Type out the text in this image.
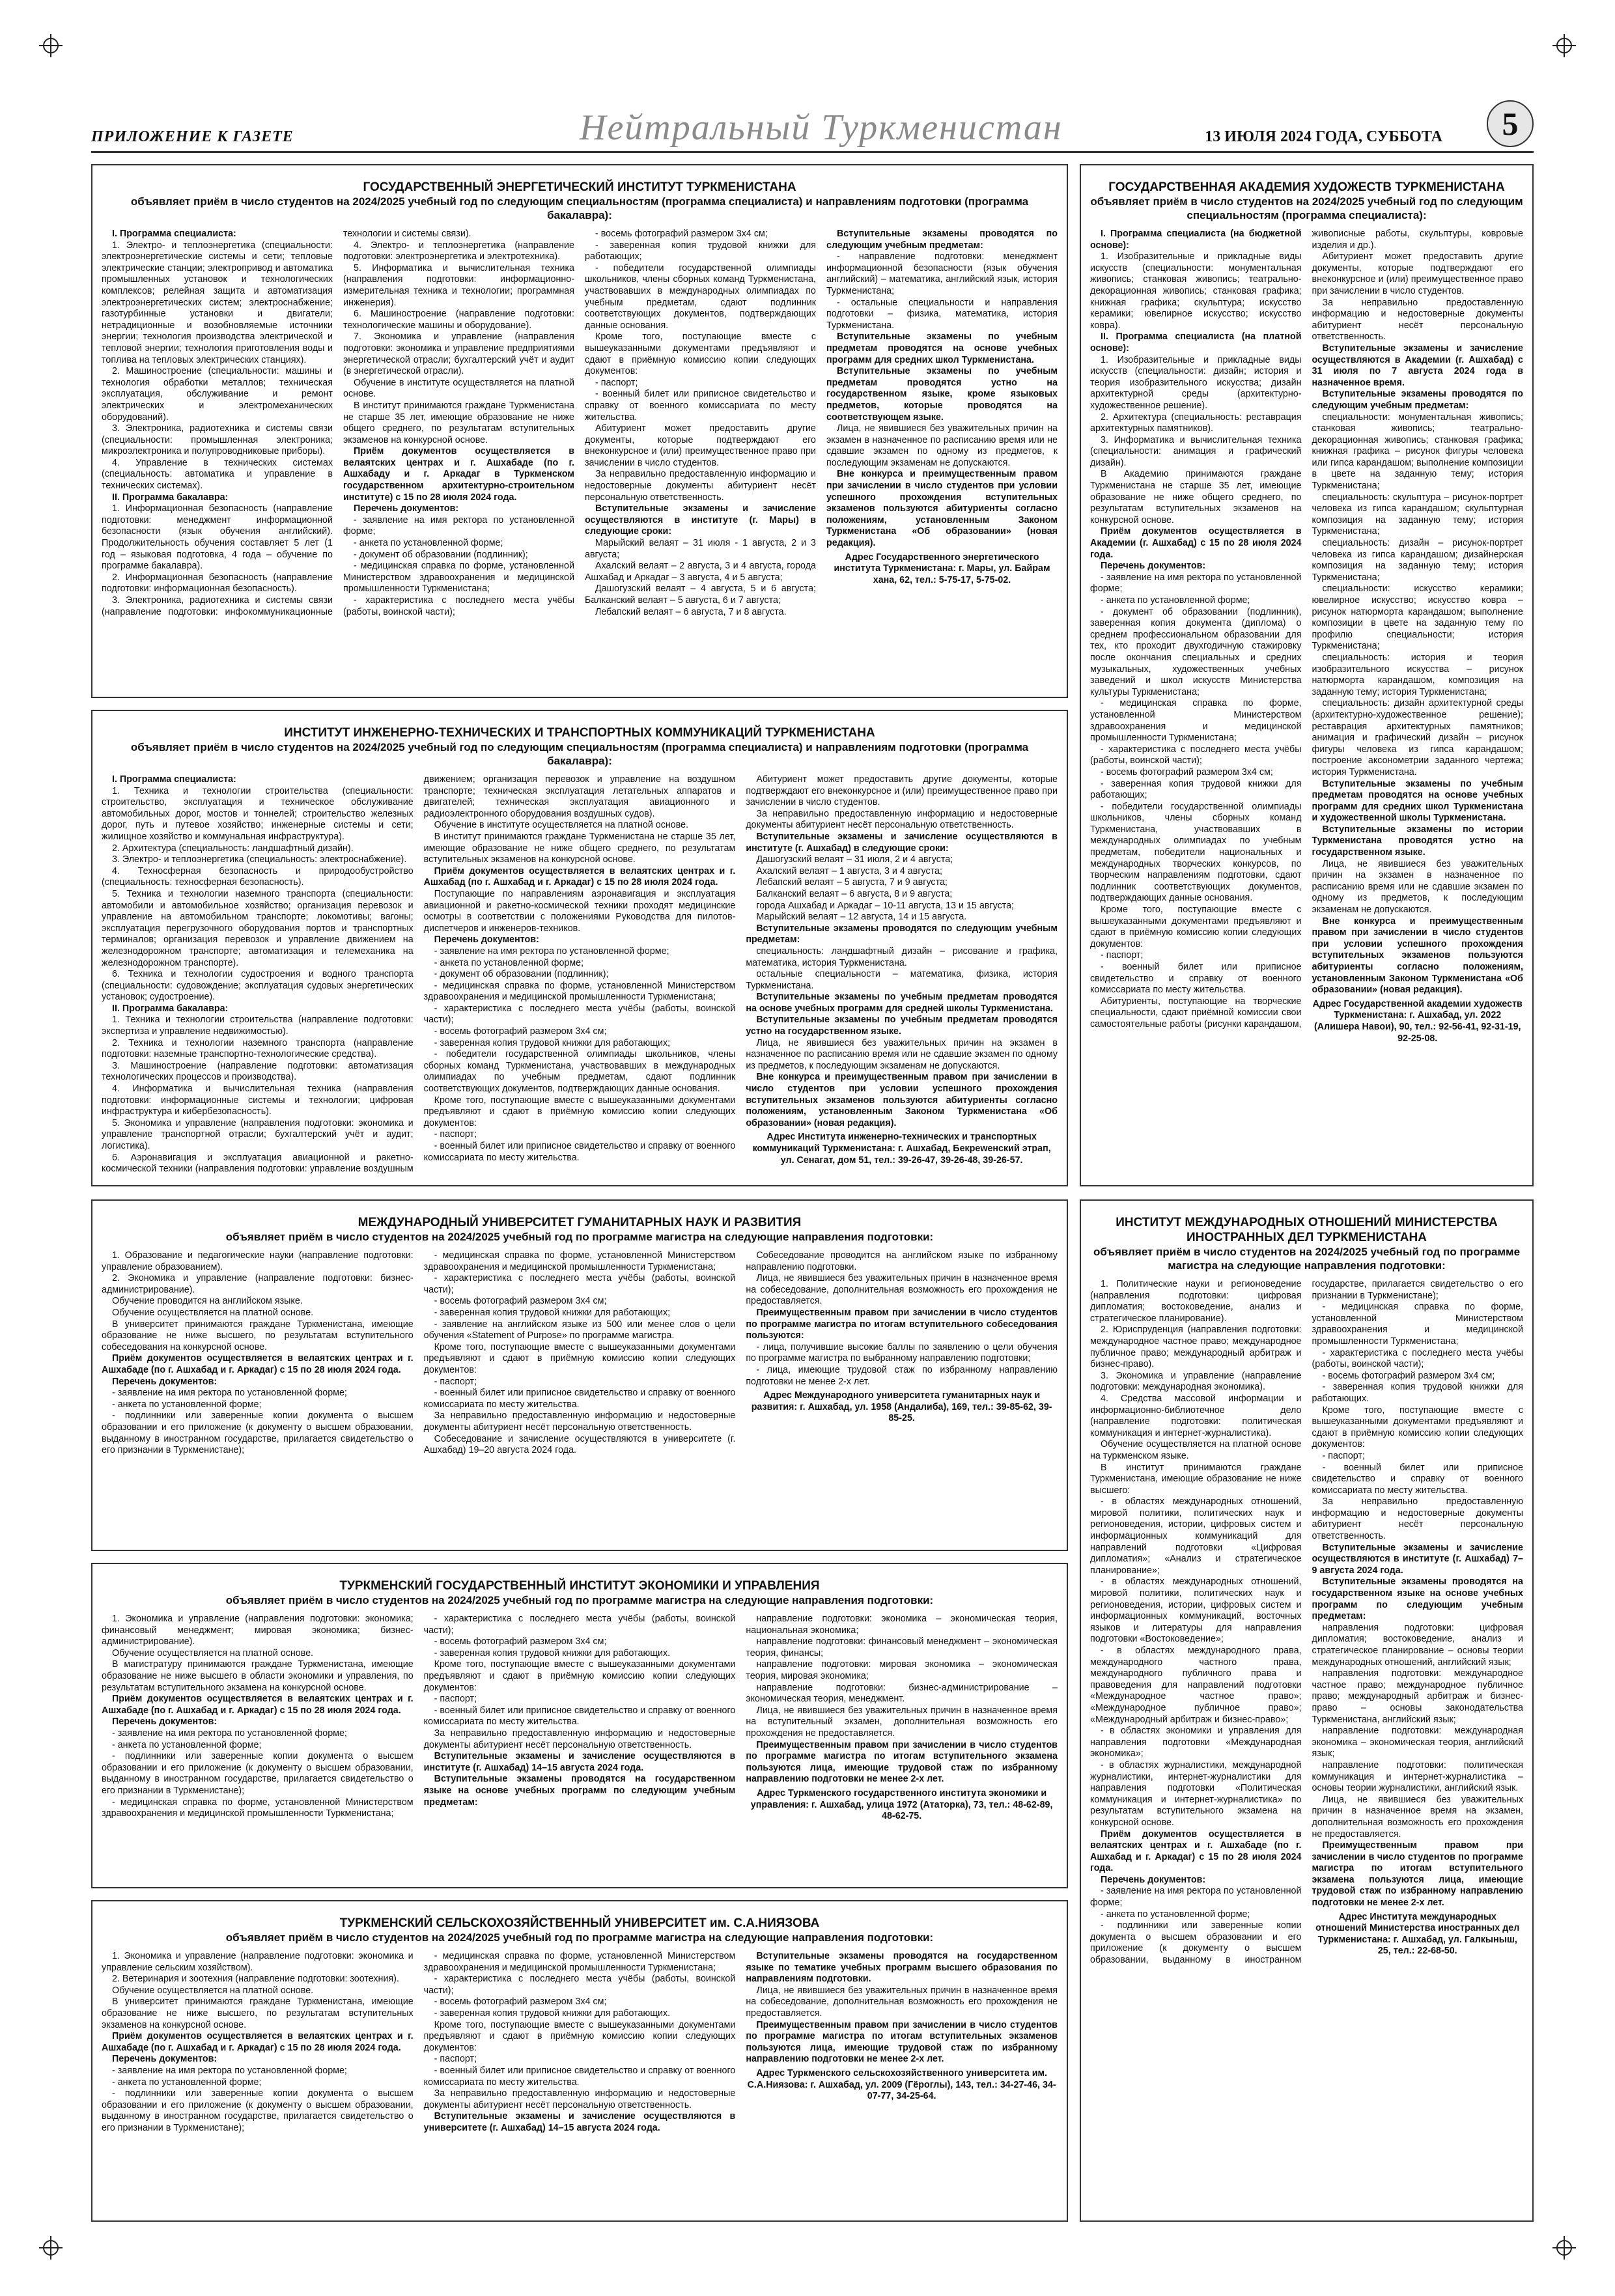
ПРИЛОЖЕНИЕ К ГАЗЕТЕ	Нейтральный Туркменистан	13 ИЮЛЯ 2024 ГОДА, СУББОТА	5
ГОСУДАРСТВЕННЫЙ ЭНЕРГЕТИЧЕСКИЙ ИНСТИТУТ ТУРКМЕНИСТАНА
объявляет приём в число студентов на 2024/2025 учебный год по следующим специальностям (программа специалиста) и направлениям подготовки (программа бакалавра):

I. Программа специалиста:

1. Электро- и теплоэнергетика (специальности: электроэнергетические системы и сети; тепловые электрические станции; электропривод и автоматика промышленных установок и технологических комплексов; релейная защита и автоматизация электроэнергетических систем; электроснабжение; газотурбинные установки и двигатели; нетрадиционные и возобновляемые источники энергии; технология производства электрической и тепловой энергии; технология приготовления воды и топлива на тепловых электрических станциях).

2. Машиностроение (специальности: машины и технология обработки металлов; техническая эксплуатация, обслуживание и ремонт электрических и электромеханических оборудований).

3. Электроника, радиотехника и системы связи (специальности: промышленная электроника; микроэлектроника и полупроводниковые приборы).

4. Управление в технических системах (специальность: автоматика и управление в технических системах).

II. Программа бакалавра:

1. Информационная безопасность (направление подготовки: менеджмент информационной безопасности (язык обучения английский). Продолжительность обучения составляет 5 лет (1 год – языковая подготовка, 4 года – обучение по программе бакалавра).

2. Информационная безопасность (направление подготовки: информационная безопасность).

3. Электроника, радиотехника и системы связи (направление подготовки: инфокоммуникационные технологии и системы связи).

4. Электро- и теплоэнергетика (направление подготовки: электроэнергетика и электротехника).

5. Информатика и вычислительная техника (направления подготовки: информационно-измерительная техника и технологии; программная инженерия).

6. Машиностроение (направление подготовки: технологические машины и оборудование).

7. Экономика и управление (направления подготовки: экономика и управление предприятиями энергетической отрасли; бухгалтерский учёт и аудит (в энергетической отрасли).

Обучение в институте осуществляется на платной основе.

В институт принимаются граждане Туркменистана не старше 35 лет, имеющие образование не ниже общего среднего, по результатам вступительных экзаменов на конкурсной основе.

Приём документов осуществляется в велаятских центрах и г. Ашхабаде (по г. Ашхабаду и г. Аркадаг в Туркменском государственном архитектурно-строительном институте) с 15 по 28 июля 2024 года.

Перечень документов:

- заявление на имя ректора по установленной форме;

- анкета по установленной форме;

- документ об образовании (подлинник);

- медицинская справка по форме, установленной Министерством здравоохранения и медицинской промышленности Туркменистана;

- характеристика с последнего места учёбы (работы, воинской части);

- восемь фотографий размером 3х4 см;

- заверенная копия трудовой книжки для работающих;

- победители государственной олимпиады школьников, члены сборных команд Туркменистана, участвовавших в международных олимпиадах по учебным предметам, сдают подлинник соответствующих документов, подтверждающих данные основания.

Кроме того, поступающие вместе с вышеуказанными документами предъявляют и сдают в приёмную комиссию копии следующих документов:

- паспорт;

- военный билет или приписное свидетельство и справку от военного комиссариата по месту жительства.

Абитуриент может предоставить другие документы, которые подтверждают его внеконкурсное и (или) преимущественное право при зачислении в число студентов.

За неправильно предоставленную информацию и недостоверные документы абитуриент несёт персональную ответственность.

Вступительные экзамены и зачисление осуществляются в институте (г. Мары) в следующие сроки:

Марыйский велаят – 31 июля - 1 августа, 2 и 3 августа;

Ахалский велаят – 2 августа, 3 и 4 августа, города Ашхабад и Аркадаг – 3 августа, 4 и 5 августа;

Дашогузский велаят – 4 августа, 5 и 6 августа; Балканский велаят – 5 августа, 6 и 7 августа;

Лебапский велаят – 6 августа, 7 и 8 августа.

Вступительные экзамены проводятся по следующим учебным предметам:

- направление подготовки: менеджмент информационной безопасности (язык обучения английский) – математика, английский язык, история Туркменистана;

- остальные специальности и направления подготовки – физика, математика, история Туркменистана.

Вступительные экзамены по учебным предметам проводятся на основе учебных программ для средних школ Туркменистана.

Вступительные экзамены по учебным предметам проводятся устно на государственном языке, кроме языковых предметов, которые проводятся на соответствующем языке.

Лица, не явившиеся без уважительных причин на экзамен в назначенное по расписанию время или не сдавшие экзамен по одному из предметов, к последующим экзаменам не допускаются.

Вне конкурса и преимущественным правом при зачислении в число студентов при условии успешного прохождения вступительных экзаменов пользуются абитуриенты согласно положениям, установленным Законом Туркменистана «Об образовании» (новая редакция).

Адрес Государственного энергетического института Туркменистана: г. Мары, ул. Байрам хана, 62, тел.: 5-75-17, 5-75-02.
ГОСУДАРСТВЕННАЯ АКАДЕМИЯ ХУДОЖЕСТВ ТУРКМЕНИСТАНА
объявляет приём в число студентов на 2024/2025 учебный год по следующим специальностям (программа специалиста):

I. Программа специалиста (на бюджетной основе):

1. Изобразительные и прикладные виды искусств (специальности: монументальная живопись; станковая живопись; театрально-декорационная живопись; станковая графика; книжная графика; скульптура; искусство керамики; ювелирное искусство; искусство ковра).

II. Программа специалиста (на платной основе):

1. Изобразительные и прикладные виды искусств (специальности: дизайн; история и теория изобразительного искусства; дизайн архитектурной среды (архитектурно-художественное решение).

2. Архитектура (специальность: реставрация архитектурных памятников).

3. Информатика и вычислительная техника (специальности: анимация и графический дизайн).

В Академию принимаются граждане Туркменистана не старше 35 лет, имеющие образование не ниже общего среднего, по результатам вступительных экзаменов на конкурсной основе.

Приём документов осуществляется в Академии (г. Ашхабад) с 15 по 28 июля 2024 года.

Перечень документов:

- заявление на имя ректора по установленной форме;

- анкета по установленной форме;

- документ об образовании (подлинник), заверенная копия документа (диплома) о среднем профессиональном образовании для тех, кто проходит двухгодичную стажировку после окончания специальных и средних музыкальных, художественных учебных заведений и школ искусств Министерства культуры Туркменистана;

- медицинская справка по форме, установленной Министерством здравоохранения и медицинской промышленности Туркменистана;

- характеристика с последнего места учёбы (работы, воинской части);

- восемь фотографий размером 3х4 см;

- заверенная копия трудовой книжки для работающих;

- победители государственной олимпиады школьников, члены сборных команд Туркменистана, участвовавших в международных олимпиадах по учебным предметам, победители национальных и международных творческих конкурсов, по творческим направлениям подготовки, сдают подлинник соответствующих документов, подтверждающих данные основания.

Кроме того, поступающие вместе с вышеуказанными документами предъявляют и сдают в приёмную комиссию копии следующих документов:

- паспорт;

- военный билет или приписное свидетельство и справку от военного комиссариата по месту жительства.

Абитуриенты, поступающие на творческие специальности, сдают приёмной комиссии свои самостоятельные работы (рисунки карандашом, живописные работы, скульптуры, ковровые изделия и др.).

Абитуриент может предоставить другие документы, которые подтверждают его внеконкурсное и (или) преимущественное право при зачислении в число студентов.

За неправильно предоставленную информацию и недостоверные документы абитуриент несёт персональную ответственность.

Вступительные экзамены и зачисление осуществляются в Академии (г. Ашхабад) с 31 июля по 7 августа 2024 года в назначенное время.

Вступительные экзамены проводятся по следующим учебным предметам:

специальности: монументальная живопись; станковая живопись; театрально-декорационная живопись; станковая графика; книжная графика – рисунок фигуры человека или гипса карандашом; выполнение композиции в цвете на заданную тему; история Туркменистана;

специальность: скульптура – рисунок-портрет человека из гипса карандашом; скульптурная композиция на заданную тему; история Туркменистана;

специальность: дизайн – рисунок-портрет человека из гипса карандашом; дизайнерская композиция на заданную тему; история Туркменистана;

специальности: искусство керамики; ювелирное искусство; искусство ковра – рисунок натюрморта карандашом; выполнение композиции в цвете на заданную тему по профилю специальности; история Туркменистана;

специальность: история и теория изобразительного искусства – рисунок натюрморта карандашом, композиция на заданную тему; история Туркменистана;

специальность: дизайн архитектурной среды (архитектурно-художественное решение); реставрация архитектурных памятников; анимация и графический дизайн – рисунок фигуры человека из гипса карандашом; построение аксонометрии заданного чертежа; история Туркменистана.

Вступительные экзамены по учебным предметам проводятся на основе учебных программ для средних школ Туркменистана и художественной школы Туркменистана.

Вступительные экзамены по истории Туркменистана проводятся устно на государственном языке.

Лица, не явившиеся без уважительных причин на экзамен в назначенное по расписанию время или не сдавшие экзамен по одному из предметов, к последующим экзаменам не допускаются.

Вне конкурса и преимущественным правом при зачислении в число студентов при условии успешного прохождения вступительных экзаменов пользуются абитуриенты согласно положениям, установленным Законом Туркменистана «Об образовании» (новая редакция).

Адрес Государственной академии художеств Туркменистана: г. Ашхабад, ул. 2022 (Алишера Навои), 90, тел.: 92-56-41, 92-31-19, 92-25-08.
ИНСТИТУТ ИНЖЕНЕРНО-ТЕХНИЧЕСКИХ И ТРАНСПОРТНЫХ КОММУНИКАЦИЙ ТУРКМЕНИСТАНА
объявляет приём в число студентов на 2024/2025 учебный год по следующим специальностям (программа специалиста) и направлениям подготовки (программа бакалавра):

I. Программа специалиста:

1. Техника и технологии строительства (специальности: строительство, эксплуатация и техническое обслуживание автомобильных дорог, мостов и тоннелей; строительство железных дорог, путь и путевое хозяйство; инженерные системы и сети; жилищное хозяйство и коммунальная инфраструктура).

2. Архитектура (специальность: ландшафтный дизайн).

3. Электро- и теплоэнергетика (специальность: электроснабжение).

4. Техносферная безопасность и природообустройство (специальность: техносферная безопасность).

5. Техника и технологии наземного транспорта (специальности: автомобили и автомобильное хозяйство; организация перевозок и управление на автомобильном транспорте; локомотивы; вагоны; эксплуатация перегрузочного оборудования портов и транспортных терминалов; организация перевозок и управление движением на железнодорожном транспорте; автоматизация и телемеханика на железнодорожном транспорте).

6. Техника и технологии судостроения и водного транспорта (специальности: судовождение; эксплуатация судовых энергетических установок; судостроение).

II. Программа бакалавра:

1. Техника и технологии строительства (направление подготовки: экспертиза и управление недвижимостью).

2. Техника и технологии наземного транспорта (направление подготовки: наземные транспортно-технологические средства).

3. Машиностроение (направление подготовки: автоматизация технологических процессов и производства).

4. Информатика и вычислительная техника (направления подготовки: информационные системы и технологии; цифровая инфраструктура и кибербезопасность).

5. Экономика и управление (направления подготовки: экономика и управление транспортной отрасли; бухгалтерский учёт и аудит; логистика).

6. Аэронавигация и эксплуатация авиационной и ракетно-космической техники (направления подготовки: управление воздушным движением; организация перевозок и управление на воздушном транспорте; техническая эксплуатация летательных аппаратов и двигателей; техническая эксплуатация авиационного и радиоэлектронного оборудования воздушных судов).

Обучение в институте осуществляется на платной основе.

В институт принимаются граждане Туркменистана не старше 35 лет, имеющие образование не ниже общего среднего, по результатам вступительных экзаменов на конкурсной основе.

Приём документов осуществляется в велаятских центрах и г. Ашхабад (по г. Ашхабад и г. Аркадаг) с 15 по 28 июля 2024 года.

Поступающие по направлениям аэронавигация и эксплуатация авиационной и ракетно-космической техники проходят медицинские осмотры в соответствии с положениями Руководства для пилотов-диспетчеров и инженеров-техников.

Перечень документов:

- заявление на имя ректора по установленной форме;

- анкета по установленной форме;

- документ об образовании (подлинник);

- медицинская справка по форме, установленной Министерством здравоохранения и медицинской промышленности Туркменистана;

- характеристика с последнего места учёбы (работы, воинской части);

- восемь фотографий размером 3х4 см;

- заверенная копия трудовой книжки для работающих;

- победители государственной олимпиады школьников, члены сборных команд Туркменистана, участвовавших в международных олимпиадах по учебным предметам, сдают подлинник соответствующих документов, подтверждающих данные основания.

Кроме того, поступающие вместе с вышеуказанными документами предъявляют и сдают в приёмную комиссию копии следующих документов:

- паспорт;

- военный билет или приписное свидетельство и справку от военного комиссариата по месту жительства.

Абитуриент может предоставить другие документы, которые подтверждают его внеконкурсное и (или) преимущественное право при зачислении в число студентов.

За неправильно предоставленную информацию и недостоверные документы абитуриент несёт персональную ответственность.

Вступительные экзамены и зачисление осуществляются в институте (г. Ашхабад) в следующие сроки:

Дашогузский велаят – 31 июля, 2 и 4 августа;

Ахалский велаят – 1 августа, 3 и 4 августа;

Лебапский велаят – 5 августа, 7 и 9 августа;

Балканский велаят – 6 августа, 8 и 9 августа;

города Ашхабад и Аркадаг – 10-11 августа, 13 и 15 августа;

Марыйский велаят – 12 августа, 14 и 15 августа.

Вступительные экзамены проводятся по следующим учебным предметам:

специальность: ландшафтный дизайн – рисование и графика, математика, история Туркменистана.

остальные специальности – математика, физика, история Туркменистана.

Вступительные экзамены по учебным предметам проводятся на основе учебных программ для средней школы Туркменистана.

Вступительные экзамены по учебным предметам проводятся устно на государственном языке.

Лица, не явившиеся без уважительных причин на экзамен в назначенное по расписанию время или не сдавшие экзамен по одному из предметов, к последующим экзаменам не допускаются.

Вне конкурса и преимущественным правом при зачислении в число студентов при условии успешного прохождения вступительных экзаменов пользуются абитуриенты согласно положениям, установленным Законом Туркменистана «Об образовании» (новая редакция).

Адрес Института инженерно-технических и транспортных коммуникаций Туркменистана: г. Ашхабад, Бекрewенский этрап, ул. Сенагат, дом 51, тел.: 39-26-47, 39-26-48, 39-26-57.
МЕЖДУНАРОДНЫЙ УНИВЕРСИТЕТ ГУМАНИТАРНЫХ НАУК И РАЗВИТИЯ
объявляет приём в число студентов на 2024/2025 учебный год по программе магистра на следующие направления подготовки:

1. Образование и педагогические науки (направление подготовки: управление образованием).

2. Экономика и управление (направление подготовки: бизнес-администрирование).

Обучение проводится на английском языке.

Обучение осуществляется на платной основе.

В университет принимаются граждане Туркменистана, имеющие образование не ниже высшего, по результатам вступительного собеседования на конкурсной основе.

Приём документов осуществляется в велаятских центрах и г. Ашхабаде (по г. Ашхабад и г. Аркадаг) с 15 по 28 июля 2024 года.

Перечень документов:

- заявление на имя ректора по установленной форме;

- анкета по установленной форме;

- подлинники или заверенные копии документа о высшем образовании и его приложение (к документу о высшем образовании, выданному в иностранном государстве, прилагается свидетельство о его признании в Туркменистане);

- медицинская справка по форме, установленной Министерством здравоохранения и медицинской промышленности Туркменистана;

- характеристика с последнего места учёбы (работы, воинской части);

- восемь фотографий размером 3х4 см;

- заверенная копия трудовой книжки для работающих;

- заявление на английском языке из 500 или менее слов о цели обучения «Statement of Purpose» по программе магистра.

Кроме того, поступающие вместе с вышеуказанными документами предъявляют и сдают в приёмную комиссию копии следующих документов:

- паспорт;

- военный билет или приписное свидетельство и справку от военного комиссариата по месту жительства.

За неправильно предоставленную информацию и недостоверные документы абитуриент несёт персональную ответственность.

Собеседование и зачисление осуществляются в университете (г. Ашхабад) 19–20 августа 2024 года.

Собеседование проводится на английском языке по избранному направлению подготовки.

Лица, не явившиеся без уважительных причин в назначенное время на собеседование, дополнительная возможность его прохождения не предоставляется.

Преимущественным правом при зачислении в число студентов по программе магистра по итогам вступительного собеседования пользуются:

- лица, получившие высокие баллы по заявлению о цели обучения по программе магистра по выбранному направлению подготовки;

- лица, имеющие трудовой стаж по избранному направлению подготовки не менее 2-х лет.

Адрес Международного университета гуманитарных наук и развития: г. Ашхабад, ул. 1958 (Андалиба), 169, тел.: 39-85-62, 39-85-25.
ИНСТИТУТ МЕЖДУНАРОДНЫХ ОТНОШЕНИЙ МИНИСТЕРСТВА ИНОСТРАННЫХ ДЕЛ ТУРКМЕНИСТАНА
объявляет приём в число студентов на 2024/2025 учебный год по программе магистра на следующие направления подготовки:

1. Политические науки и регионоведение (направления подготовки: цифровая дипломатия; востоковедение, анализ и стратегическое планирование).

2. Юриспруденция (направления подготовки: международное частное право; международное публичное право; международный арбитраж и бизнес-право).

3. Экономика и управление (направление подготовки: международная экономика).

4. Средства массовой информации и информационно-библиотечное дело (направление подготовки: политическая коммуникация и интернет-журналистика).

Обучение осуществляется на платной основе на туркменском языке.

В институт принимаются граждане Туркменистана, имеющие образование не ниже высшего:

- в областях международных отношений, мировой политики, политических наук и регионоведения, истории, цифровых систем и информационных коммуникаций для направлений подготовки «Цифровая дипломатия»; «Анализ и стратегическое планирование»;

- в областях международных отношений, мировой политики, политических наук и регионоведения, истории, цифровых систем и информационных коммуникаций, восточных языков и литературы для направления подготовки «Востоковедение»;

- в областях международного права, международного частного права, международного публичного права и правоведения для направлений подготовки «Международное частное право»; «Международное публичное право»; «Международный арбитраж и бизнес-право»;

- в областях экономики и управления для направления подготовки «Международная экономика»;

- в областях журналистики, международной журналистики, интернет-журналистики для направления подготовки «Политическая коммуникация и интернет-журналистика» по результатам вступительного экзамена на конкурсной основе.

Приём документов осуществляется в велаятских центрах и г. Ашхабаде (по г. Ашхабад и г. Аркадаг) с 15 по 28 июля 2024 года.

Перечень документов:

- заявление на имя ректора по установленной форме;

- анкета по установленной форме;

- подлинники или заверенные копии документа о высшем образовании и его приложение (к документу о высшем образовании, выданному в иностранном государстве, прилагается свидетельство о его признании в Туркменистане);

- медицинская справка по форме, установленной Министерством здравоохранения и медицинской промышленности Туркменистана;

- характеристика с последнего места учёбы (работы, воинской части);

- восемь фотографий размером 3х4 см;

- заверенная копия трудовой книжки для работающих.

Кроме того, поступающие вместе с вышеуказанными документами предъявляют и сдают в приёмную комиссию копии следующих документов:

- паспорт;

- военный билет или приписное свидетельство и справку от военного комиссариата по месту жительства.

За неправильно предоставленную информацию и недостоверные документы абитуриент несёт персональную ответственность.

Вступительные экзамены и зачисление осуществляются в институте (г. Ашхабад) 7–9 августа 2024 года.

Вступительные экзамены проводятся на государственном языке на основе учебных программ по следующим учебным предметам:

направления подготовки: цифровая дипломатия; востоковедение, анализ и стратегическое планирование – основы теории международных отношений, английский язык;

направления подготовки: международное частное право; международное публичное право; международный арбитраж и бизнес-право – основы законодательства Туркменистана, английский язык;

направление подготовки: международная экономика – экономическая теория, английский язык;

направление подготовки: политическая коммуникация и интернет-журналистика – основы теории журналистики, английский язык.

Лица, не явившиеся без уважительных причин в назначенное время на экзамен, дополнительная возможность его прохождения не предоставляется.

Преимущественным правом при зачислении в число студентов по программе магистра по итогам вступительного экзамена пользуются лица, имеющие трудовой стаж по избранному направлению подготовки не менее 2-х лет.

Адрес Института международных отношений Министерства иностранных дел Туркменистана: г. Ашхабад, ул. Галкыныш, 25, тел.: 22-68-50.
ТУРКМЕНСКИЙ ГОСУДАРСТВЕННЫЙ ИНСТИТУТ ЭКОНОМИКИ И УПРАВЛЕНИЯ
объявляет приём в число студентов на 2024/2025 учебный год по программе магистра на следующие направления подготовки:

1. Экономика и управление (направления подготовки: экономика; финансовый менеджмент; мировая экономика; бизнес-администрирование).

Обучение осуществляется на платной основе.

В магистратуру принимаются граждане Туркменистана, имеющие образование не ниже высшего в области экономики и управления, по результатам вступительного экзамена на конкурсной основе.

Приём документов осуществляется в велаятских центрах и г. Ашхабаде (по г. Ашхабад и г. Аркадаг) с 15 по 28 июля 2024 года.

Перечень документов:

- заявление на имя ректора по установленной форме;

- анкета по установленной форме;

- подлинники или заверенные копии документа о высшем образовании и его приложение (к документу о высшем образовании, выданному в иностранном государстве, прилагается свидетельство о его признании в Туркменистане);

- медицинская справка по форме, установленной Министерством здравоохранения и медицинской промышленности Туркменистана;

- характеристика с последнего места учёбы (работы, воинской части);

- восемь фотографий размером 3х4 см;

- заверенная копия трудовой книжки для работающих.

Кроме того, поступающие вместе с вышеуказанными документами предъявляют и сдают в приёмную комиссию копии следующих документов:

- паспорт;

- военный билет или приписное свидетельство и справку от военного комиссариата по месту жительства.

За неправильно предоставленную информацию и недостоверные документы абитуриент несёт персональную ответственность.

Вступительные экзамены и зачисление осуществляются в институте (г. Ашхабад) 14–15 августа 2024 года.

Вступительные экзамены проводятся на государственном языке на основе учебных программ по следующим учебным предметам:

направление подготовки: экономика – экономическая теория, национальная экономика;

направление подготовки: финансовый менеджмент – экономическая теория, финансы;

направление подготовки: мировая экономика – экономическая теория, мировая экономика;

направление подготовки: бизнес-администрирование – экономическая теория, менеджмент.

Лица, не явившиеся без уважительных причин в назначенное время на вступительный экзамен, дополнительная возможность его прохождения не предоставляется.

Преимущественным правом при зачислении в число студентов по программе магистра по итогам вступительного экзамена пользуются лица, имеющие трудовой стаж по избранному направлению подготовки не менее 2-х лет.

Адрес Туркменского государственного института экономики и управления: г. Ашхабад, улица 1972 (Ататорка), 73, тел.: 48-62-89, 48-62-75.
ТУРКМЕНСКИЙ СЕЛЬСКОХОЗЯЙСТВЕННЫЙ УНИВЕРСИТЕТ им. С.А.НИЯЗОВА
объявляет приём в число студентов на 2024/2025 учебный год по программе магистра на следующие направления подготовки:

1. Экономика и управление (направление подготовки: экономика и управление сельским хозяйством).

2. Ветеринария и зоотехния (направление подготовки: зоотехния).

Обучение осуществляется на платной основе.

В университет принимаются граждане Туркменистана, имеющие образование не ниже высшего, по результатам вступительных экзаменов на конкурсной основе.

Приём документов осуществляется в велаятских центрах и г. Ашхабаде (по г. Ашхабад и г. Аркадаг) с 15 по 28 июля 2024 года.

Перечень документов:

- заявление на имя ректора по установленной форме;

- анкета по установленной форме;

- подлинники или заверенные копии документа о высшем образовании и его приложение (к документу о высшем образовании, выданному в иностранном государстве, прилагается свидетельство о его признании в Туркменистане);

- медицинская справка по форме, установленной Министерством здравоохранения и медицинской промышленности Туркменистана;

- характеристика с последнего места учёбы (работы, воинской части);

- восемь фотографий размером 3х4 см;

- заверенная копия трудовой книжки для работающих.

Кроме того, поступающие вместе с вышеуказанными документами предъявляют и сдают в приёмную комиссию копии следующих документов:

- паспорт;

- военный билет или приписное свидетельство и справку от военного комиссариата по месту жительства.

За неправильно предоставленную информацию и недостоверные документы абитуриент несёт персональную ответственность.

Вступительные экзамены и зачисление осуществляются в университете (г. Ашхабад) 14–15 августа 2024 года.

Вступительные экзамены проводятся на государственном языке по тематике учебных программ высшего образования по направлениям подготовки.

Лица, не явившиеся без уважительных причин в назначенное время на собеседование, дополнительная возможность его прохождения не предоставляется.

Преимущественным правом при зачислении в число студентов по программе магистра по итогам вступительных экзаменов пользуются лица, имеющие трудовой стаж по избранному направлению подготовки не менее 2-х лет.

Адрес Туркменского сельскохозяйственного университета им. С.А.Ниязова: г. Ашхабад, ул. 2009 (Гёроглы), 143, тел.: 34-27-46, 34-07-77, 34-25-64.
